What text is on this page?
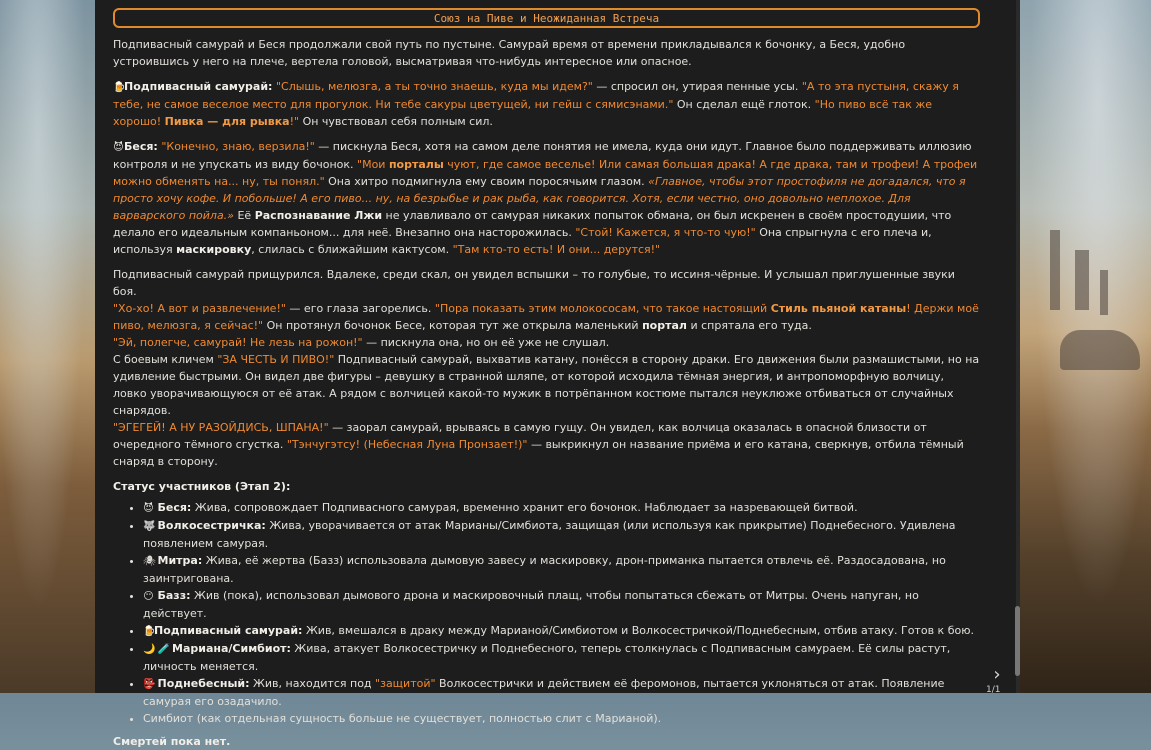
Союз на Пиве и Неожиданная Встреча

Подпивасный самурай и Беся продолжали свой путь по пустыне. Самурай время от времени прикладывался к бочонку, а Беся, удобно устроившись у него на плече, вертела головой, высматривая что-нибудь интересное или опасное.

🍺Подпивасный самурай: "Слышь, мелюзга, а ты точно знаешь, куда мы идем?" — спросил он, утирая пенные усы. "А то эта пустыня, скажу я тебе, не самое веселое место для прогулок. Ни тебе сакуры цветущей, ни гейш с сямисэнами." Он сделал ещё глоток. "Но пиво всё так же хорошо! Пивка — для рывка!" Он чувствовал себя полным сил.

😈Беся: "Конечно, знаю, верзила!" — пискнула Беся, хотя на самом деле понятия не имела, куда они идут. Главное было поддерживать иллюзию контроля и не упускать из виду бочонок. "Мои порталы чуют, где самое веселье! Или самая большая драка! А где драка, там и трофеи! А трофеи можно обменять на... ну, ты понял." Она хитро подмигнула ему своим поросячьим глазом. «Главное, чтобы этот простофиля не догадался, что я просто хочу кофе. И побольше! А его пиво... ну, на безрыбье и рак рыба, как говорится. Хотя, если честно, оно довольно неплохое. Для варварского пойла.» Её Распознавание Лжи не улавливало от самурая никаких попыток обмана, он был искренен в своём простодушии, что делало его идеальным компаньоном... для неё. Внезапно она насторожилась. "Стой! Кажется, я что-то чую!" Она спрыгнула с его плеча и, используя маскировку, слилась с ближайшим кактусом. "Там кто-то есть! И они... дерутся!"

Подпивасный самурай прищурился. Вдалеке, среди скал, он увидел вспышки – то голубые, то иссиня-чёрные. И услышал приглушенные звуки боя.
"Хо-хо! А вот и развлечение!" — его глаза загорелись. "Пора показать этим молокососам, что такое настоящий Стиль пьяной катаны! Держи моё пиво, мелюзга, я сейчас!" Он протянул бочонок Бесе, которая тут же открыла маленький портал и спрятала его туда.
"Эй, полегче, самурай! Не лезь на рожон!" — пискнула она, но он её уже не слушал.
С боевым кличем "ЗА ЧЕСТЬ И ПИВО!" Подпивасный самурай, выхватив катану, понёсся в сторону драки. Его движения были размашистыми, но на удивление быстрыми. Он видел две фигуры – девушку в странной шляпе, от которой исходила тёмная энергия, и антропоморфную волчицу, ловко уворачивающуюся от её атак. А рядом с волчицей какой-то мужик в потрёпанном костюме пытался неуклюже отбиваться от случайных снарядов.
"ЭГЕГЕЙ! А НУ РАЗОЙДИСЬ, ШПАНА!" — заорал самурай, врываясь в самую гущу. Он увидел, как волчица оказалась в опасной близости от очередного тёмного сгустка. "Тэнчугэтсу! (Небесная Луна Пронзает!)" — выкрикнул он название приёма и его катана, сверкнув, отбила тёмный снаряд в сторону.

Статус участников (Этап 2):
• 😈 Беся: Жива, сопровождает Подпивасного самурая, временно хранит его бочонок. Наблюдает за назревающей битвой.
• 🐺 Волкосестричка: Жива, уворачивается от атак Марианы/Симбиота, защищая (или используя как прикрытие) Поднебесного. Удивлена появлением самурая.
• 🕷 Митра: Жива, её жертва (Базз) использовала дымовую завесу и маскировку, дрон-приманка пытается отвлечь её. Раздосадована, но заинтригована.
• 😶 Базз: Жив (пока), использовал дымового дрона и маскировочный плащ, чтобы попытаться сбежать от Митры. Очень напуган, но действует.
• 🍺Подпивасный самурай: Жив, вмешался в драку между Марианой/Симбиотом и Волкосестричкой/Поднебесным, отбив атаку. Готов к бою.
• 🌙 🧪 Мариана/Симбиот: Жива, атакует Волкосестричку и Поднебесного, теперь столкнулась с Подпивасным самураем. Её силы растут, личность меняется.
• 👺 Поднебесный: Жив, находится под "защитой" Волкосестрички и действием её феромонов, пытается уклоняться от атак. Появление самурая его озадачило.
• Симбиот (как отдельная сущность больше не существует, полностью слит с Марианой).
Смертей пока нет.
›
1/1
